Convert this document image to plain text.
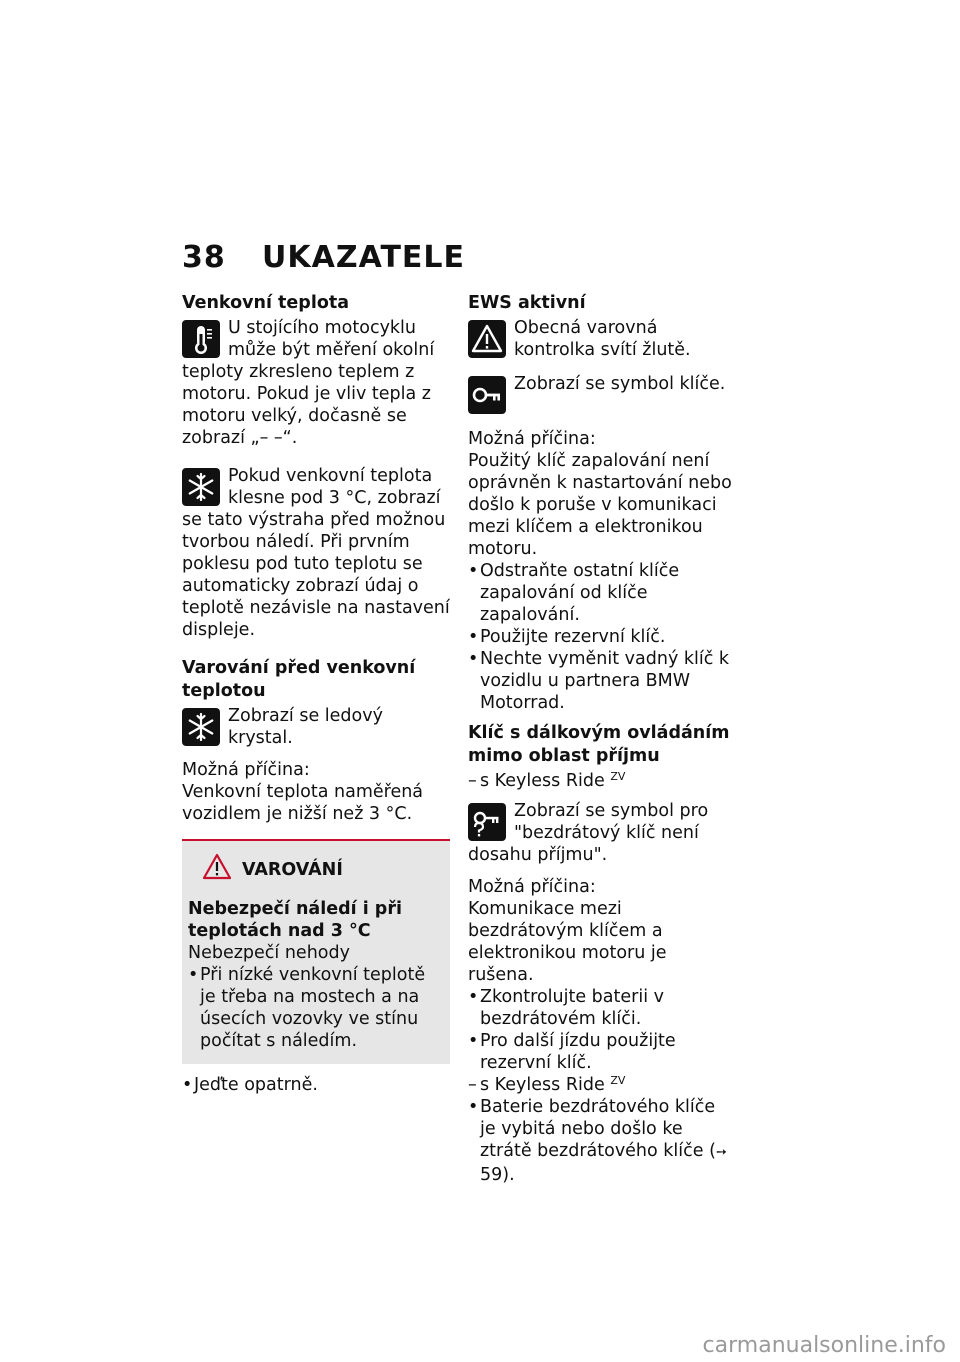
38 UKAZATELE
Venkovní teplota

U stojícího motocyklu může být měření okolní teploty zkresleno teplem z motoru. Pokud je vliv tepla z motoru velký, dočasně se zobrazí „– –“.

Pokud venkovní teplota klesne pod 3 °C, zobrazí se tato výstraha před možnou tvorbou náledí. Při prvním poklesu pod tuto teplotu se automaticky zobrazí údaj o teplotě nezávisle na nastavení displeje.

Varování před venkovní teplotou

Zobrazí se ledový krystal.

Možná příčina:

Venkovní teplota naměřená vozidlem je nižší než 3 °C.

VAROVÁNÍ

Nebezpečí náledí i při teplotách nad 3 °C

Nebezpečí nehody

• Při nízké venkovní teplotě je třeba na mostech a na úsecích vozovky ve stínu počítat s náledím.
• Jeďte opatrně.
EWS aktivní

Obecná varovná kontrolka svítí žlutě.

Zobrazí se symbol klíče.

Možná příčina:

Použitý klíč zapalování není oprávněn k nastartování nebo došlo k poruše v komunikaci mezi klíčem a elektronikou motoru.

• Odstraňte ostatní klíče zapalování od klíče zapalování.
• Použijte rezervní klíč.
• Nechte vyměnit vadný klíč k vozidlu u partnera BMW Motorrad.
Klíč s dálkovým ovládáním mimo oblast příjmu

– s Keyless Ride $^{ZV}$

Zobrazí se symbol pro "bezdrátový klíč není dosahu příjmu".

Možná příčina:

Komunikace mezi bezdrátovým klíčem a elektronikou motoru je rušena.

• Zkontrolujte baterii v bezdrátovém klíči.
• Pro další jízdu použijte rezervní klíč.

– s Keyless Ride $^{ZV}$

• Baterie bezdrátového klíče je vybitá nebo došlo ke ztrátě bezdrátového klíče (➙ 59).
carmanualsonline.info
